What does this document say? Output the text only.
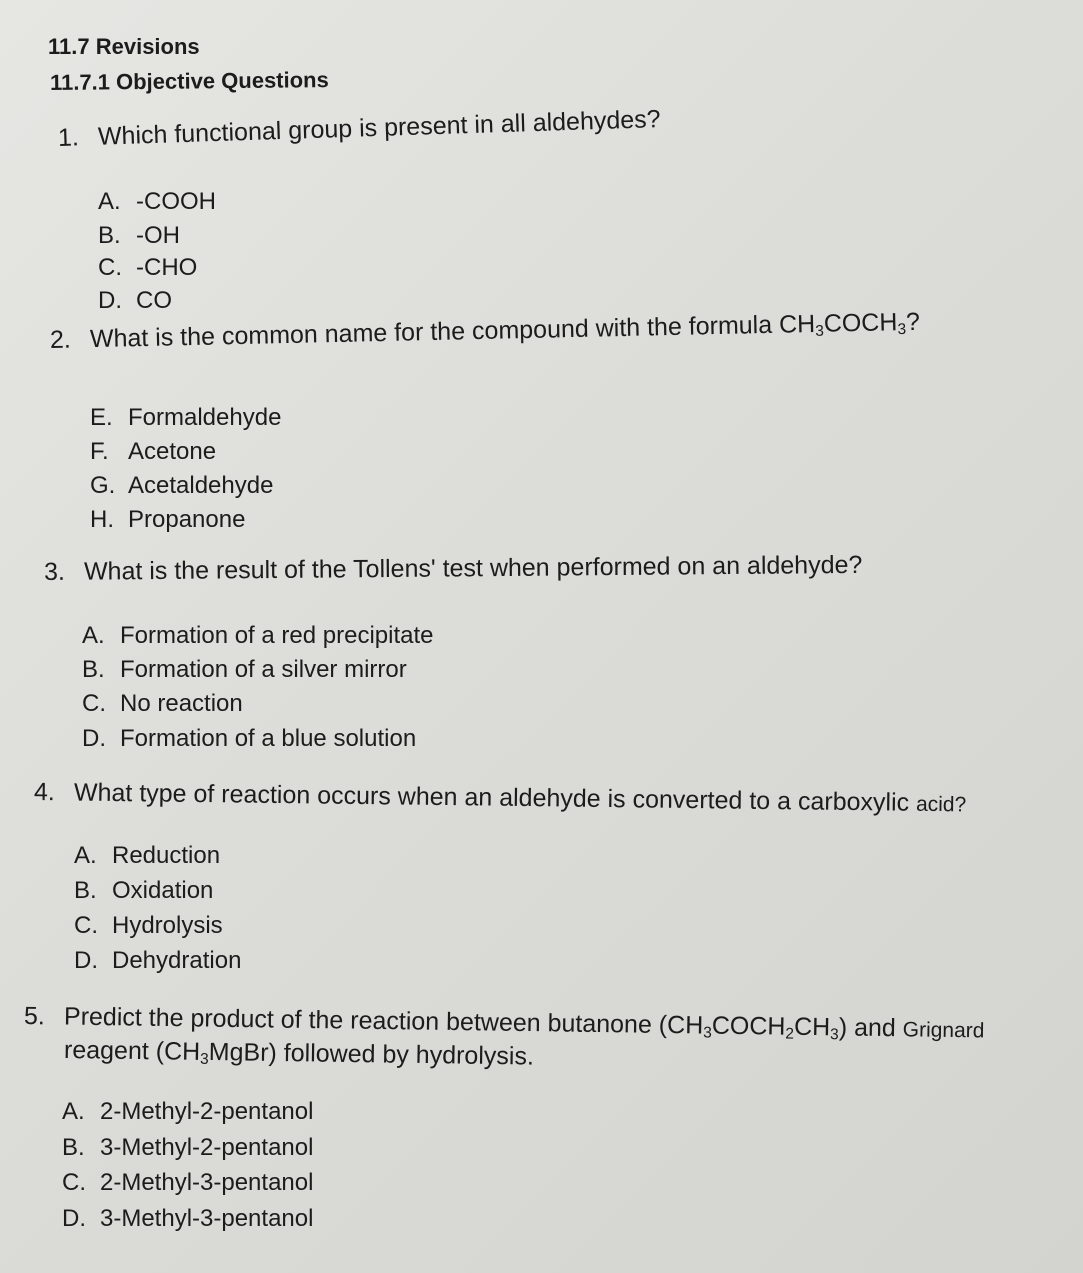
11.7 Revisions
11.7.1 Objective Questions
1. Which functional group is present in all aldehydes?
A. -COOH
B. -OH
C. -CHO
D. CO
2. What is the common name for the compound with the formula $CH_3COCH_3$?
E. Formaldehyde
F. Acetone
G. Acetaldehyde
H. Propanone
3. What is the result of the Tollens' test when performed on an aldehyde?
A. Formation of a red precipitate
B. Formation of a silver mirror
C. No reaction
D. Formation of a blue solution
4. What type of reaction occurs when an aldehyde is converted to a carboxylic acid?
A. Reduction
B. Oxidation
C. Hydrolysis
D. Dehydration
5. Predict the product of the reaction between butanone $(CH_3COCH_2CH_3)$ and Grignard
reagent $(CH_3MgBr)$ followed by hydrolysis.
A. 2-Methyl-2-pentanol
B. 3-Methyl-2-pentanol
C. 2-Methyl-3-pentanol
D. 3-Methyl-3-pentanol
